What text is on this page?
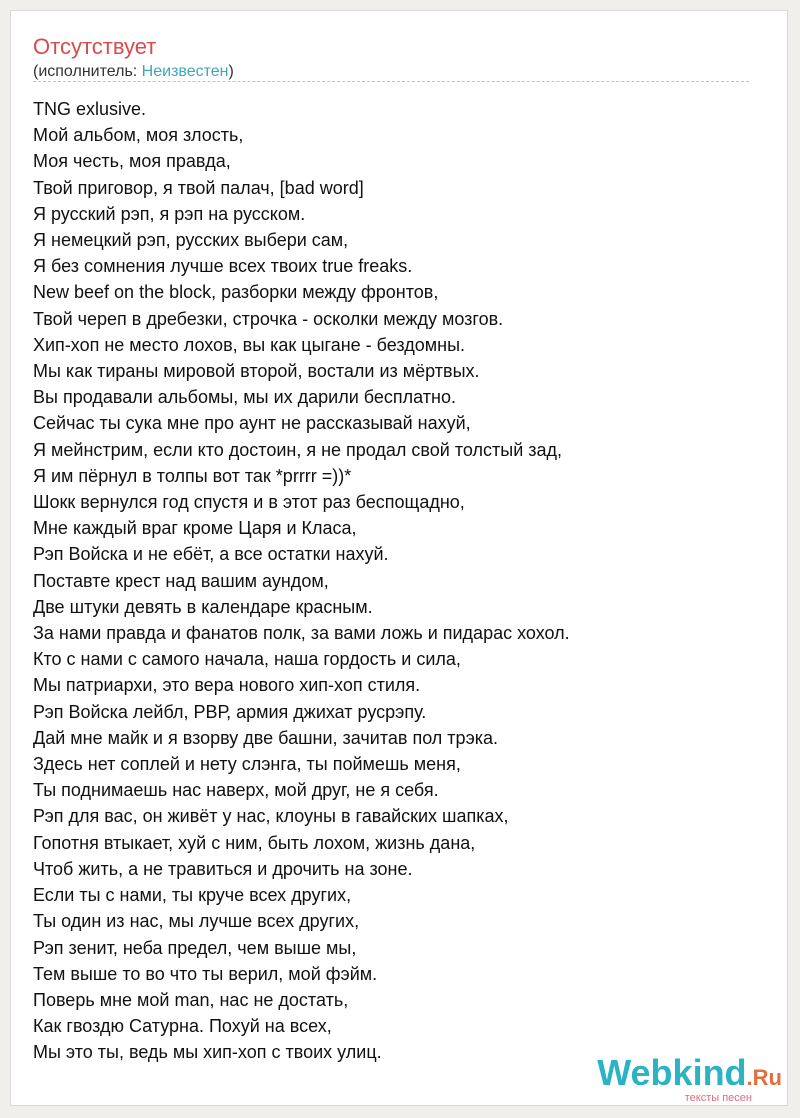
Отсутствует
(исполнитель: Неизвестен)
TNG exlusive.
Мой альбом, моя злость,
Моя честь, моя правда,
Твой приговор, я твой палач, [bad word]
Я русский рэп, я рэп на русском.
Я немецкий рэп, русских выбери сам,
Я без сомнения лучше всех твоих true freaks.
New beef on the block, разборки между фронтов,
Твой череп в дребезки, строчка - осколки между мозгов.
Хип-хоп не место лохов, вы как цыгане - бездомны.
Мы как тираны мировой второй, востали из мёртвых.
Вы продавали альбомы, мы их дарили бесплатно.
Сейчас ты сука мне про аунт не рассказывай нахуй,
Я мейнстрим, если кто достоин, я не продал свой толстый зад,
Я им пёрнул в толпы вот так *prrrr =))*
Шокк вернулся год спустя и в этот раз беспощадно,
Мне каждый враг кроме Царя и Класа,
Рэп Войска и не ебёт, а все остатки нахуй.
Поставте крест над вашим аундом,
Две штуки девять в календаре красным.
За нами правда и фанатов полк, за вами ложь и пидарас хохол.
Кто с нами с самого начала, наша гордость и сила,
Мы патриархи, это вера нового хип-хоп стиля.
Рэп Войска лейбл, РВР, армия джихат русрэпу.
Дай мне майк и я взорву две башни, зачитав пол трэка.
Здесь нет соплей и нету слэнга, ты поймешь меня,
Ты поднимаешь нас наверх, мой друг, не я себя.
Рэп для вас, он живёт у нас, клоуны в гавайских шапках,
Гопотня втыкает, хуй с ним, быть лохом, жизнь дана,
Чтоб жить, а не травиться и дрочить на зоне.
Если ты с нами, ты круче всех других,
Ты один из нас, мы лучше всех других,
Рэп зенит, неба предел, чем выше мы,
Тем выше то во что ты верил, мой фэйм.
Поверь мне мой man, нас не достать,
Как гвоздю Сатурна. Похуй на всех,
Мы это ты, ведь мы хип-хоп с твоих улиц.	Webkind.Ru
тексты песен
